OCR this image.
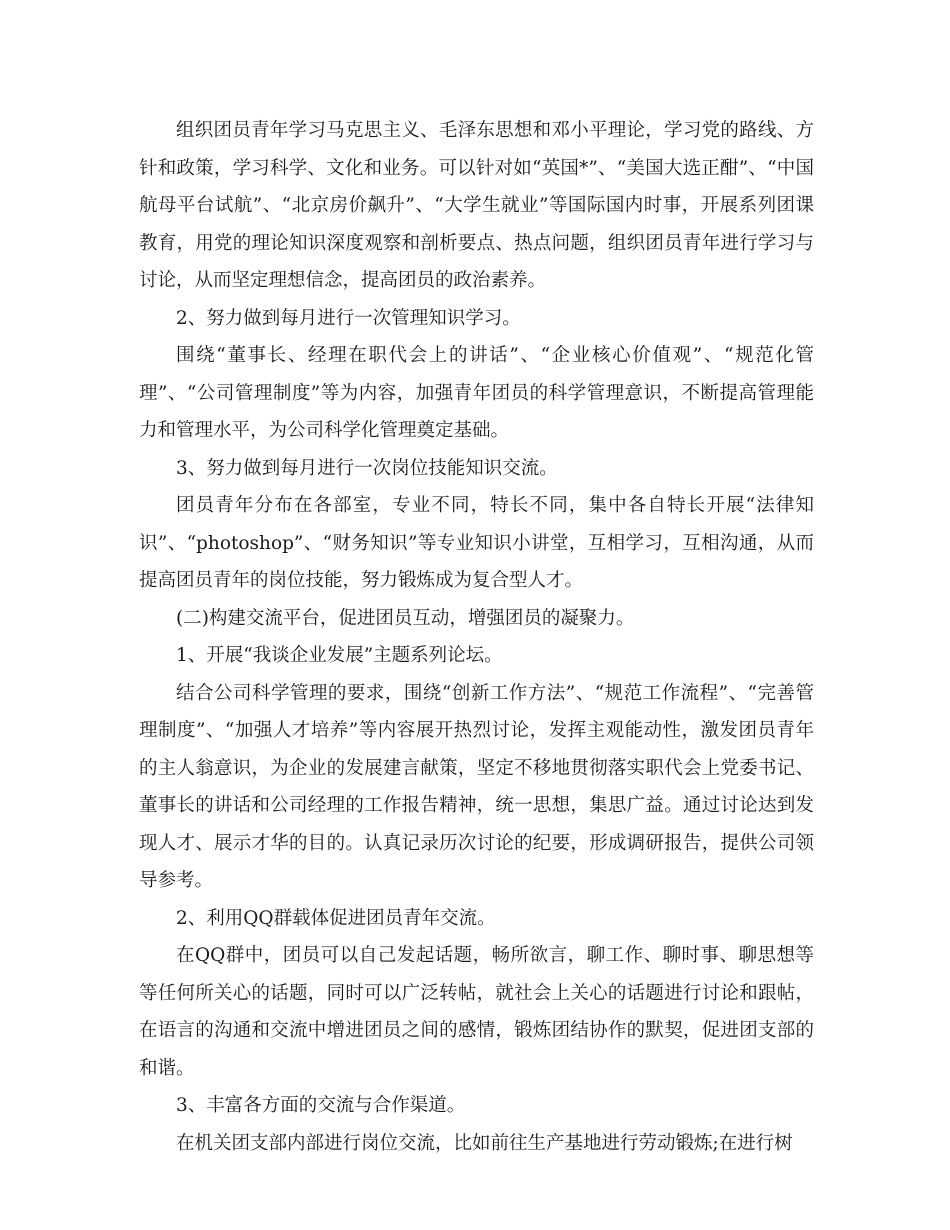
组织团员青年学习马克思主义、毛泽东思想和邓小平理论，学习党的路线、方针和政策，学习科学、文化和业务。可以针对如“英国*”、“美国大选正酣”、“中国航母平台试航”、“北京房价飙升”、“大学生就业”等国际国内时事，开展系列团课教育，用党的理论知识深度观察和剖析要点、热点问题，组织团员青年进行学习与讨论，从而坚定理想信念，提高团员的政治素养。

2、努力做到每月进行一次管理知识学习。

围绕“董事长、经理在职代会上的讲话”、“企业核心价值观”、“规范化管理”、“公司管理制度”等为内容，加强青年团员的科学管理意识，不断提高管理能力和管理水平，为公司科学化管理奠定基础。

3、努力做到每月进行一次岗位技能知识交流。

团员青年分布在各部室，专业不同，特长不同，集中各自特长开展“法律知识”、“photoshop”、“财务知识”等专业知识小讲堂，互相学习，互相沟通，从而提高团员青年的岗位技能，努力锻炼成为复合型人才。

(二)构建交流平台，促进团员互动，增强团员的凝聚力。

1、开展“我谈企业发展”主题系列论坛。

结合公司科学管理的要求，围绕“创新工作方法”、“规范工作流程”、“完善管理制度”、“加强人才培养”等内容展开热烈讨论，发挥主观能动性，激发团员青年的主人翁意识，为企业的发展建言献策，坚定不移地贯彻落实职代会上党委书记、董事长的讲话和公司经理的工作报告精神，统一思想，集思广益。通过讨论达到发现人才、展示才华的目的。认真记录历次讨论的纪要，形成调研报告，提供公司领导参考。

2、利用QQ群载体促进团员青年交流。

在QQ群中，团员可以自己发起话题，畅所欲言，聊工作、聊时事、聊思想等等任何所关心的话题，同时可以广泛转帖，就社会上关心的话题进行讨论和跟帖，在语言的沟通和交流中增进团员之间的感情，锻炼团结协作的默契，促进团支部的和谐。

3、丰富各方面的交流与合作渠道。

在机关团支部内部进行岗位交流，比如前往生产基地进行劳动锻炼;在进行树
